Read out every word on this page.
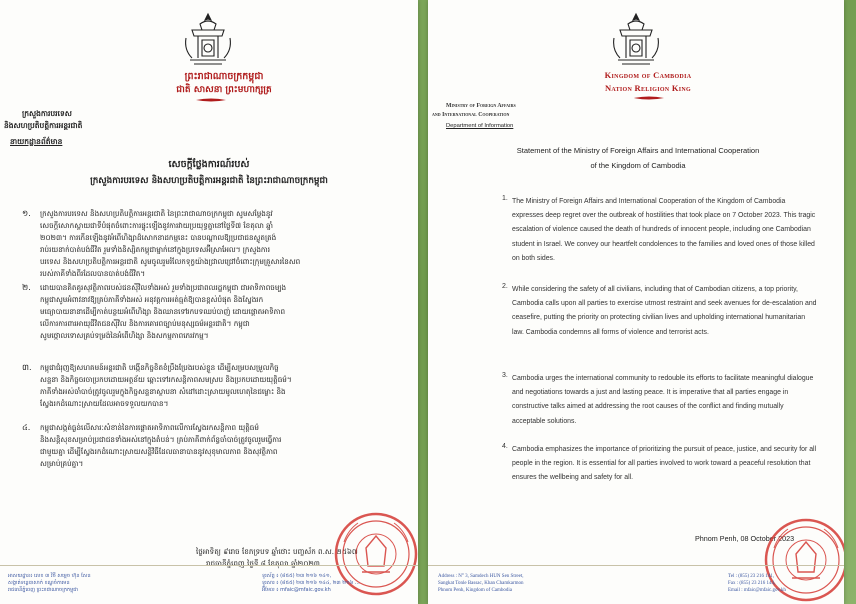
ព្រះរាជាណាចក្រកម្ពុជា
ជាតិ សាសនា ព្រះមហាក្សត្រ
ក្រសួងការបរទេស
និងសហប្រតិបត្តិការអន្តរជាតិ
នាយកដ្ឋានព័ត៌មាន
សេចក្តីថ្លែងការណ៍របស់
ក្រសួងការបរទេស និងសហប្រតិបត្តិការអន្តរជាតិ នៃព្រះរាជាណាចក្រកម្ពុជា
១. ក្រសួងការបរទេស និងសហប្រតិបត្តិការអន្តរជាតិ នៃព្រះរាជាណាចក្រកម្ពុជា សូមសម្តែងនូវ
សេចក្តីសោកស្តាយជាទីបំផុតចំពោះការផ្ទុះឡើងនូវការវាយប្រយុទ្ធគ្នានៅថ្ងៃទី៧ ខែតុលា ឆ្នាំ
២០២៣។ ការកើនឡើងនូវអំពើហិង្សាដ៏សោកនាដកម្មនេះ បានបណ្តាលឱ្យប្រជាជនស្លូតត្រង់
រាប់រយនាក់បាត់បង់ជីវិត រួមទាំងនិស្សិតកម្ពុជាម្នាក់នៅក្នុងប្រទេសអ៊ីស្រាអែល។ ក្រសួងការ
បរទេស និងសហប្រតិបត្តិការអន្តរជាតិ សូមចូលរួមរំលែកទុក្ខយ៉ាងជ្រាលជ្រៅចំពោះក្រុមគ្រួសារនៃសព
របស់ភាគីទាំងពីរដែលបានបាត់បង់ជីវិត។
២. ដោយបានគិតគូរសុវត្ថិភាពរបស់ជនស៊ីវិលទាំងអស់ រួមទាំងប្រជាពលរដ្ឋកម្ពុជា ជាអាទិភាពចម្បង
កម្ពុជាសូមអំពាវនាវឱ្យគ្រប់ភាគីទាំងអស់ អនុវត្តការអត់ធ្មត់ឱ្យបានខ្ពស់បំផុត និងស្វែងរក
មធ្យោបាយនានាដើម្បីកាត់បន្ថយអំពើហិង្សា និងឈានទៅរកបទឈប់បាញ់ ដោយផ្តោតអាទិភាព
លើការការពារអាយុជីវិតជនស៊ីវិល និងការគោរពច្បាប់មនុស្សធម៌អន្តរជាតិ។ កម្ពុជា
សូមថ្កោលទោសគ្រប់ទម្រង់នៃអំពើហិង្សា និងសកម្មភាពភេរវកម្ម។
៣. កម្ពុជាជំរុញឱ្យសហគមន៍អន្តរជាតិ បង្កើនកិច្ចខិតខំប្រឹងប្រែងរបស់ខ្លួន ដើម្បីសម្របសម្រួលកិច្ច
សន្ទនា និងកិច្ចចរចាប្រកបដោយអត្ថន័យ ឆ្ពោះទៅរកសន្តិភាពសមស្រប និងប្រកបដោយយុត្តិធម៌។
ភាគីទាំងអស់ចាំបាច់ត្រូវចូលរួមក្នុងកិច្ចសន្ទនាស្ថាបនា សំដៅដោះស្រាយមូលហេតុនៃជម្លោះ និង
ស្វែងរកដំណោះស្រាយដែលអាចទទួលយកបាន។
៤. កម្ពុជាសង្កត់ធ្ងន់លើសារៈសំខាន់នៃការផ្តោតអាទិភាពលើការស្វែងរកសន្តិភាព យុត្តិធម៌
និងសន្តិសុខសម្រាប់ប្រជាជនទាំងអស់នៅក្នុងតំបន់។ គ្រប់ភាគីពាក់ព័ន្ធចាំបាច់ត្រូវចូលរួមធ្វើការ
ជាមួយគ្នា ដើម្បីស្វែងរកដំណោះស្រាយសន្តិវិធីដែលធានាបាននូវសុខុមាលភាព និងសុវត្ថិភាព
សម្រាប់គ្រប់គ្នា។
ថ្ងៃអាទិត្យ ៩រោច ខែភទ្របទ ឆ្នាំថោះ បញ្ចស័ក ព.ស. ២៥៦៧
រាជធានីភ្នំពេញ ថ្ងៃទី ៨ ខែតុលា ឆ្នាំ២០២៣
អាសយដ្ឋាន៖ លេខ ៣ វិថី សម្តេច ហ៊ុន សែន
សង្កាត់ទន្លេបាសាក់ ខណ្ឌចំការមន
រាជធានីភ្នំពេញ ព្រះរាជាណាចក្រកម្ពុជា
ទូរស័ព្ទ ៖ (៨៥៥) ២៣ ២១៦ ១៤១,
ទូរសារ ៖ (៨៥៥) ២៣ ២១៦ ១៤៤, ២៣ ២១៦ ...
អ៊ីមែល ៖ mfaic@mfaic.gov.kh
Kingdom of Cambodia
Nation Religion King
Ministry of Foreign Affairs
and International Cooperation
Department of Information
Statement of the Ministry of Foreign Affairs and International Cooperation
of the Kingdom of Cambodia
1. The Ministry of Foreign Affairs and International Cooperation of the Kingdom of Cambodia expresses deep regret over the outbreak of hostilities that took place on 7 October 2023. This tragic escalation of violence caused the death of hundreds of innocent people, including one Cambodian student in Israel. We convey our heartfelt condolences to the families and loved ones of those killed on both sides.
2. While considering the safety of all civilians, including that of Cambodian citizens, a top priority, Cambodia calls upon all parties to exercise utmost restraint and seek avenues for de-escalation and ceasefire, putting the priority on protecting civilian lives and upholding international humanitarian law. Cambodia condemns all forms of violence and terrorist acts.
3. Cambodia urges the international community to redouble its efforts to facilitate meaningful dialogue and negotiations towards a just and lasting peace. It is imperative that all parties engage in constructive talks aimed at addressing the root causes of the conflict and finding mutually acceptable solutions.
4. Cambodia emphasizes the importance of prioritizing the pursuit of peace, justice, and security for all people in the region. It is essential for all parties involved to work toward a peaceful resolution that ensures the wellbeing and safety for all.
Phnom Penh, 08 October 2023
Address : N° 3, Samdech HUN Sen Street,
Sangkat Tonle Bassac, Khan Chamkarmon
Phnom Penh, Kingdom of Cambodia
Tel : (855) 23 216 141,
Fax : (855) 23 216 144,
Email : mfaic@mfaic.gov.kh
